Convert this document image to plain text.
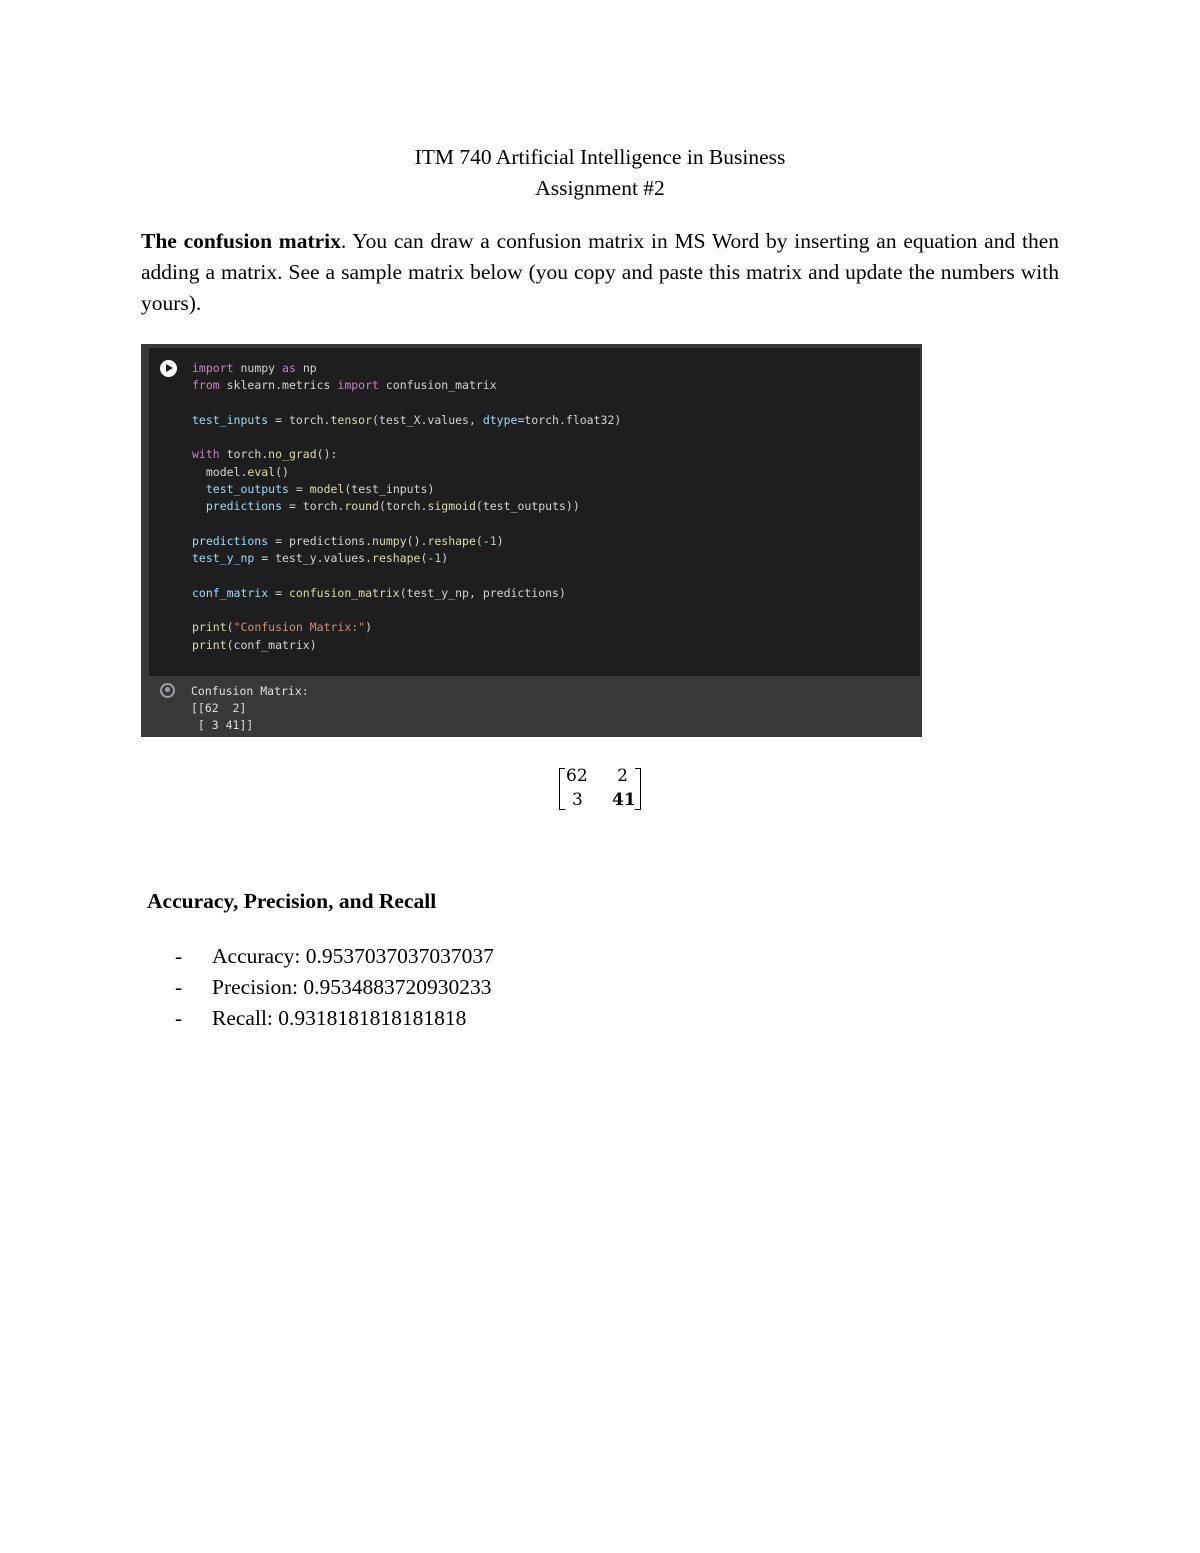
ITM 740 Artificial Intelligence in Business
Assignment #2
The confusion matrix. You can draw a confusion matrix in MS Word by inserting an equation and then adding a matrix. See a sample matrix below (you copy and paste this matrix and update the numbers with yours).
import numpy as np
from sklearn.metrics import confusion_matrix
test_inputs = torch.tensor(test_X.values, dtype=torch.float32)
with torch.no_grad():
model.eval()
test_outputs = model(test_inputs)
predictions = torch.round(torch.sigmoid(test_outputs))
predictions = predictions.numpy().reshape(-1)
test_y_np = test_y.values.reshape(-1)
conf_matrix = confusion_matrix(test_y_np, predictions)
print("Confusion Matrix:")
print(conf_matrix)
Confusion Matrix:
[[62  2]
[ 3 41]]
62 2
3 41
Accuracy, Precision, and Recall
- Accuracy: 0.9537037037037037
- Precision: 0.9534883720930233
- Recall: 0.9318181818181818
